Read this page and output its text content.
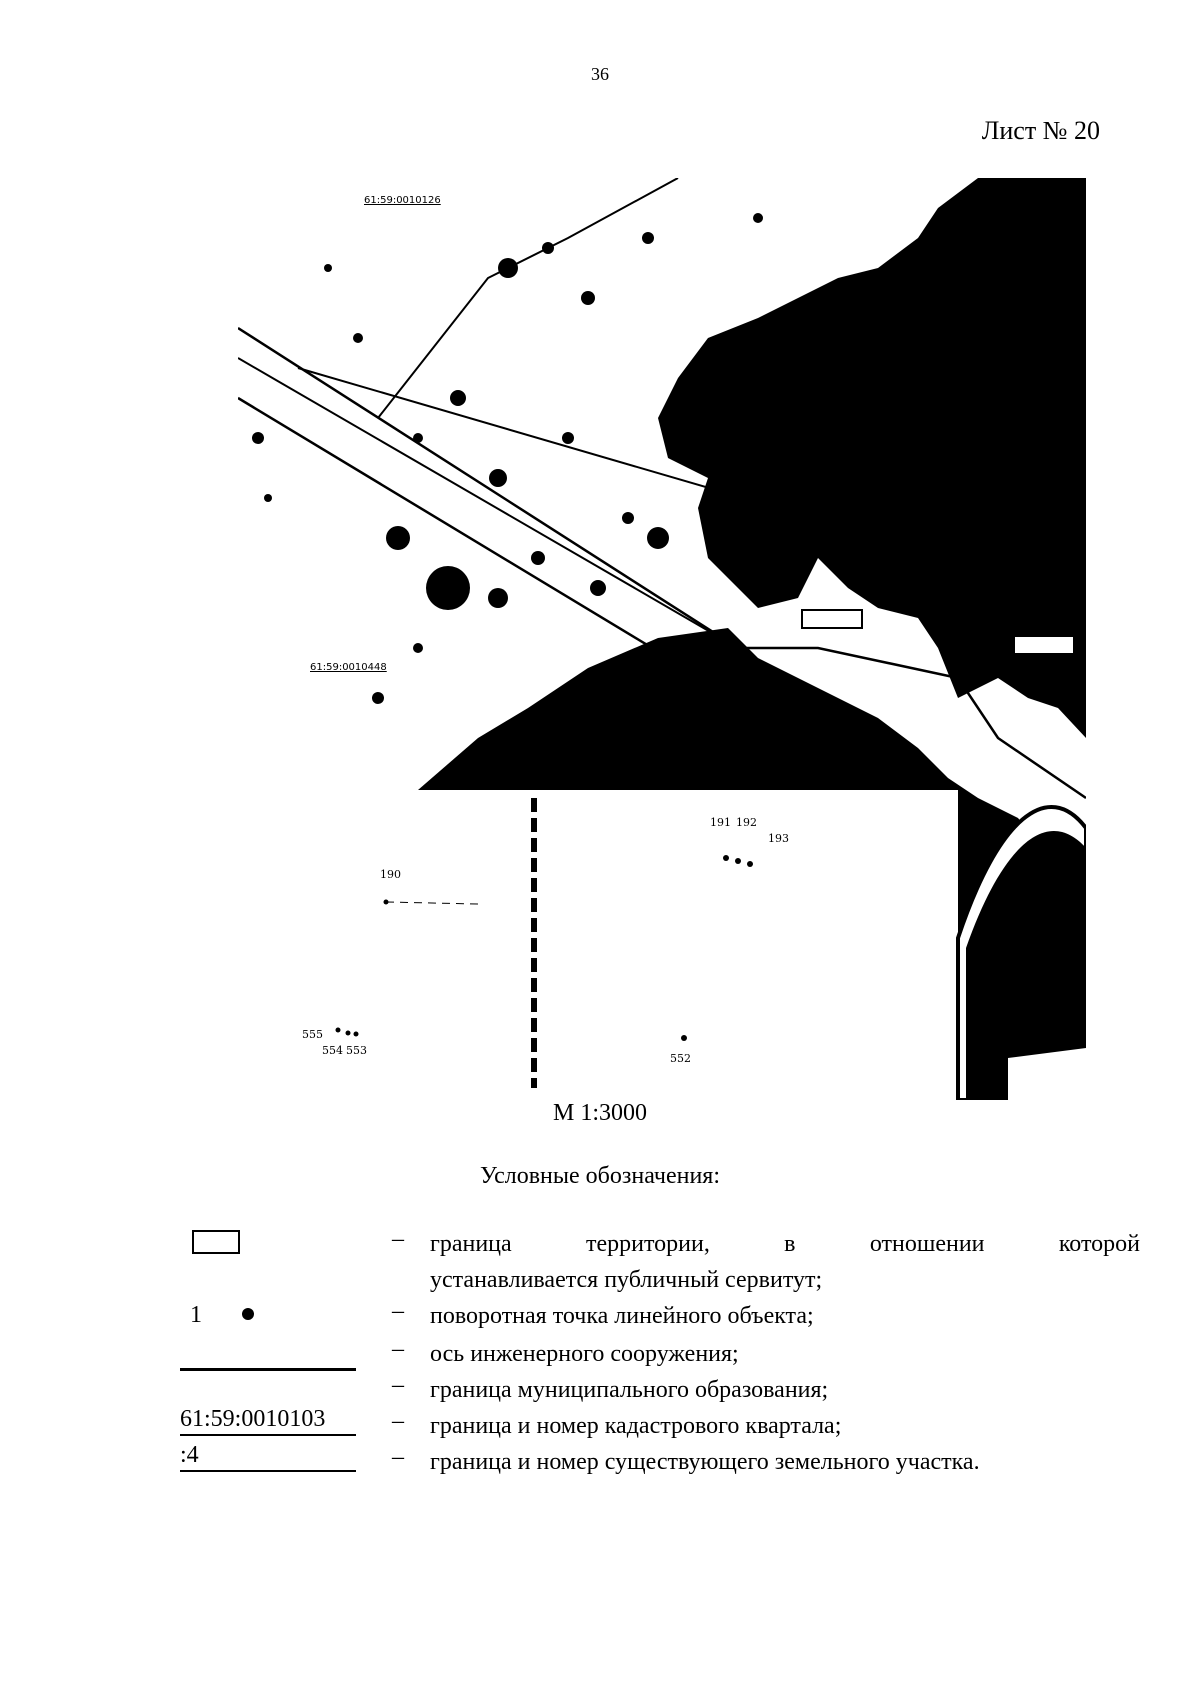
36
Лист № 20
61:59:0010126
61:59:0010448
190
191 192
193
555
554 553
552
М 1:3000
Условные обозначения:
– граница территории, в отношении которой
устанавливается публичный сервитут;
1	– поворотная точка линейного объекта;
– ось инженерного сооружения;
– граница муниципального образования;
61:59:0010103	– граница и номер кадастрового квартала;
:4	– граница и номер существующего земельного участка.
